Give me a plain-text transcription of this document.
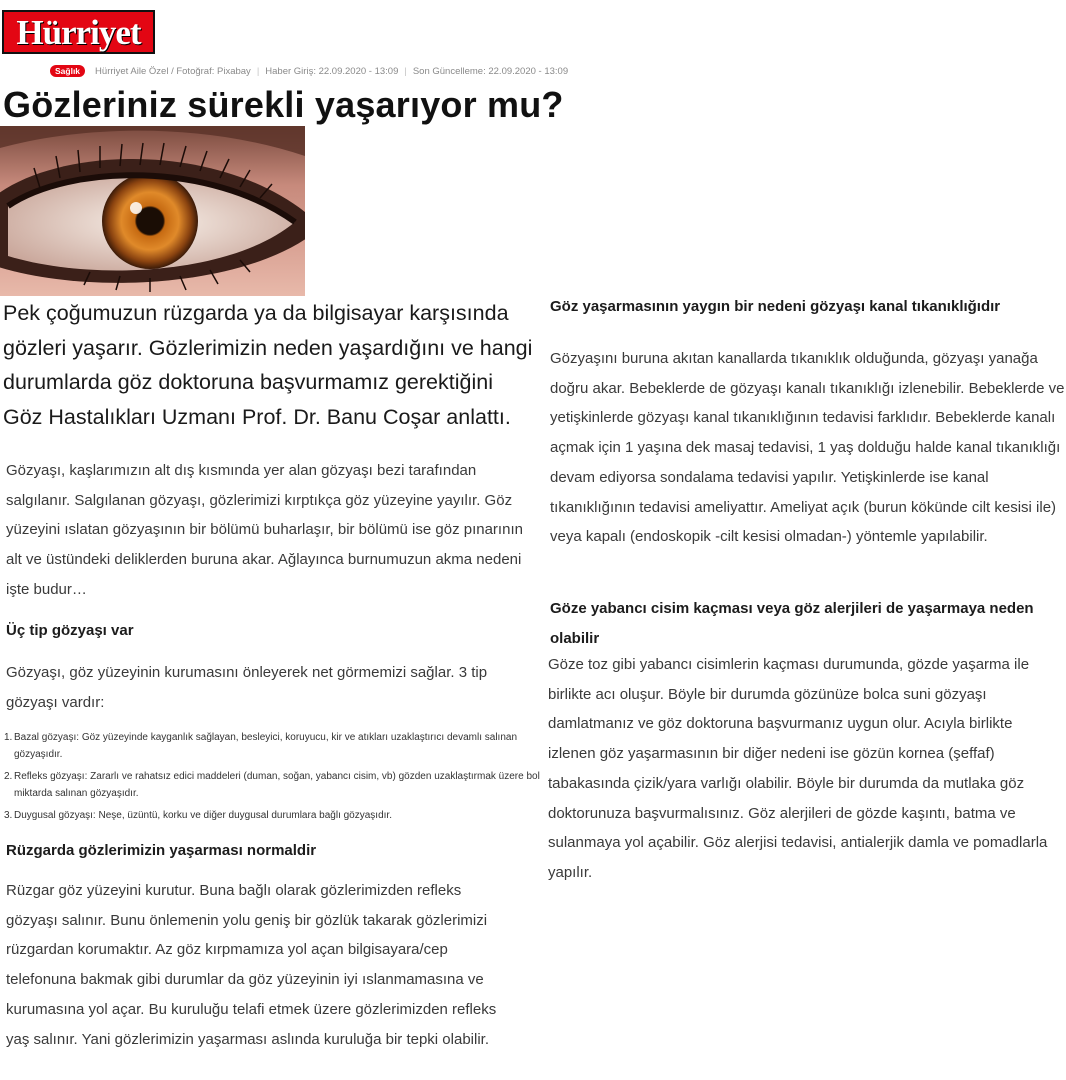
Hürriyet
Sağlık	Hürriyet Aile Özel / Fotoğraf: Pixabay | Haber Giriş: 22.09.2020 - 13:09 | Son Güncelleme: 22.09.2020 - 13:09
Gözleriniz sürekli yaşarıyor mu?

Pek çoğumuzun rüzgarda ya da bilgisayar karşısında gözleri yaşarır. Gözlerimizin neden yaşardığını ve hangi durumlarda göz doktoruna başvurmamız gerektiğini Göz Hastalıkları Uzmanı Prof. Dr. Banu Coşar anlattı.

Gözyaşı, kaşlarımızın alt dış kısmında yer alan gözyaşı bezi tarafından salgılanır. Salgılanan gözyaşı, gözlerimizi kırptıkça göz yüzeyine yayılır. Göz yüzeyini ıslatan gözyaşının bir bölümü buharlaşır, bir bölümü ise göz pınarının alt ve üstündeki deliklerden buruna akar. Ağlayınca burnumuzun akma nedeni işte budur…

Üç tip gözyaşı var

Gözyaşı, göz yüzeyinin kurumasını önleyerek net görmemizi sağlar. 3 tip gözyaşı vardır:

1. Bazal gözyaşı: Göz yüzeyinde kayganlık sağlayan, besleyici, koruyucu, kir ve atıkları uzaklaştırıcı devamlı salınan gözyaşıdır.
2. Refleks gözyaşı: Zararlı ve rahatsız edici maddeleri (duman, soğan, yabancı cisim, vb) gözden uzaklaştırmak üzere bol miktarda salınan gözyaşıdır.
3. Duygusal gözyaşı: Neşe, üzüntü, korku ve diğer duygusal durumlara bağlı gözyaşıdır.
Rüzgarda gözlerimizin yaşarması normaldir

Rüzgar göz yüzeyini kurutur. Buna bağlı olarak gözlerimizden refleks gözyaşı salınır. Bunu önlemenin yolu geniş bir gözlük takarak gözlerimizi rüzgardan korumaktır. Az göz kırpmamıza yol açan bilgisayara/cep telefonuna bakmak gibi durumlar da göz yüzeyinin iyi ıslanmamasına ve kurumasına yol açar. Bu kuruluğu telafi etmek üzere gözlerimizden refleks yaş salınır. Yani gözlerimizin yaşarması aslında kuruluğa bir tepki olabilir.

Göz yaşarmasının yaygın bir nedeni gözyaşı kanal tıkanıklığıdır

Gözyaşını buruna akıtan kanallarda tıkanıklık olduğunda, gözyaşı yanağa doğru akar. Bebeklerde de gözyaşı kanalı tıkanıklığı izlenebilir. Bebeklerde ve yetişkinlerde gözyaşı kanal tıkanıklığının tedavisi farklıdır. Bebeklerde kanalı açmak için 1 yaşına dek masaj tedavisi, 1 yaş dolduğu halde kanal tıkanıklığı devam ediyorsa sondalama tedavisi yapılır. Yetişkinlerde ise kanal tıkanıklığının tedavisi ameliyattır. Ameliyat açık (burun kökünde cilt kesisi ile) veya kapalı (endoskopik -cilt kesisi olmadan-) yöntemle yapılabilir.

Göze yabancı cisim kaçması veya göz alerjileri de yaşarmaya neden olabilir

Göze toz gibi yabancı cisimlerin kaçması durumunda, gözde yaşarma ile birlikte acı oluşur. Böyle bir durumda gözünüze bolca suni gözyaşı damlatmanız ve göz doktoruna başvurmanız uygun olur. Acıyla birlikte izlenen göz yaşarmasının bir diğer nedeni ise gözün kornea (şeffaf) tabakasında çizik/yara varlığı olabilir. Böyle bir durumda da mutlaka göz doktorunuza başvurmalısınız. Göz alerjileri de gözde kaşıntı, batma ve sulanmaya yol açabilir. Göz alerjisi tedavisi, antialerjik damla ve pomadlarla yapılır.
